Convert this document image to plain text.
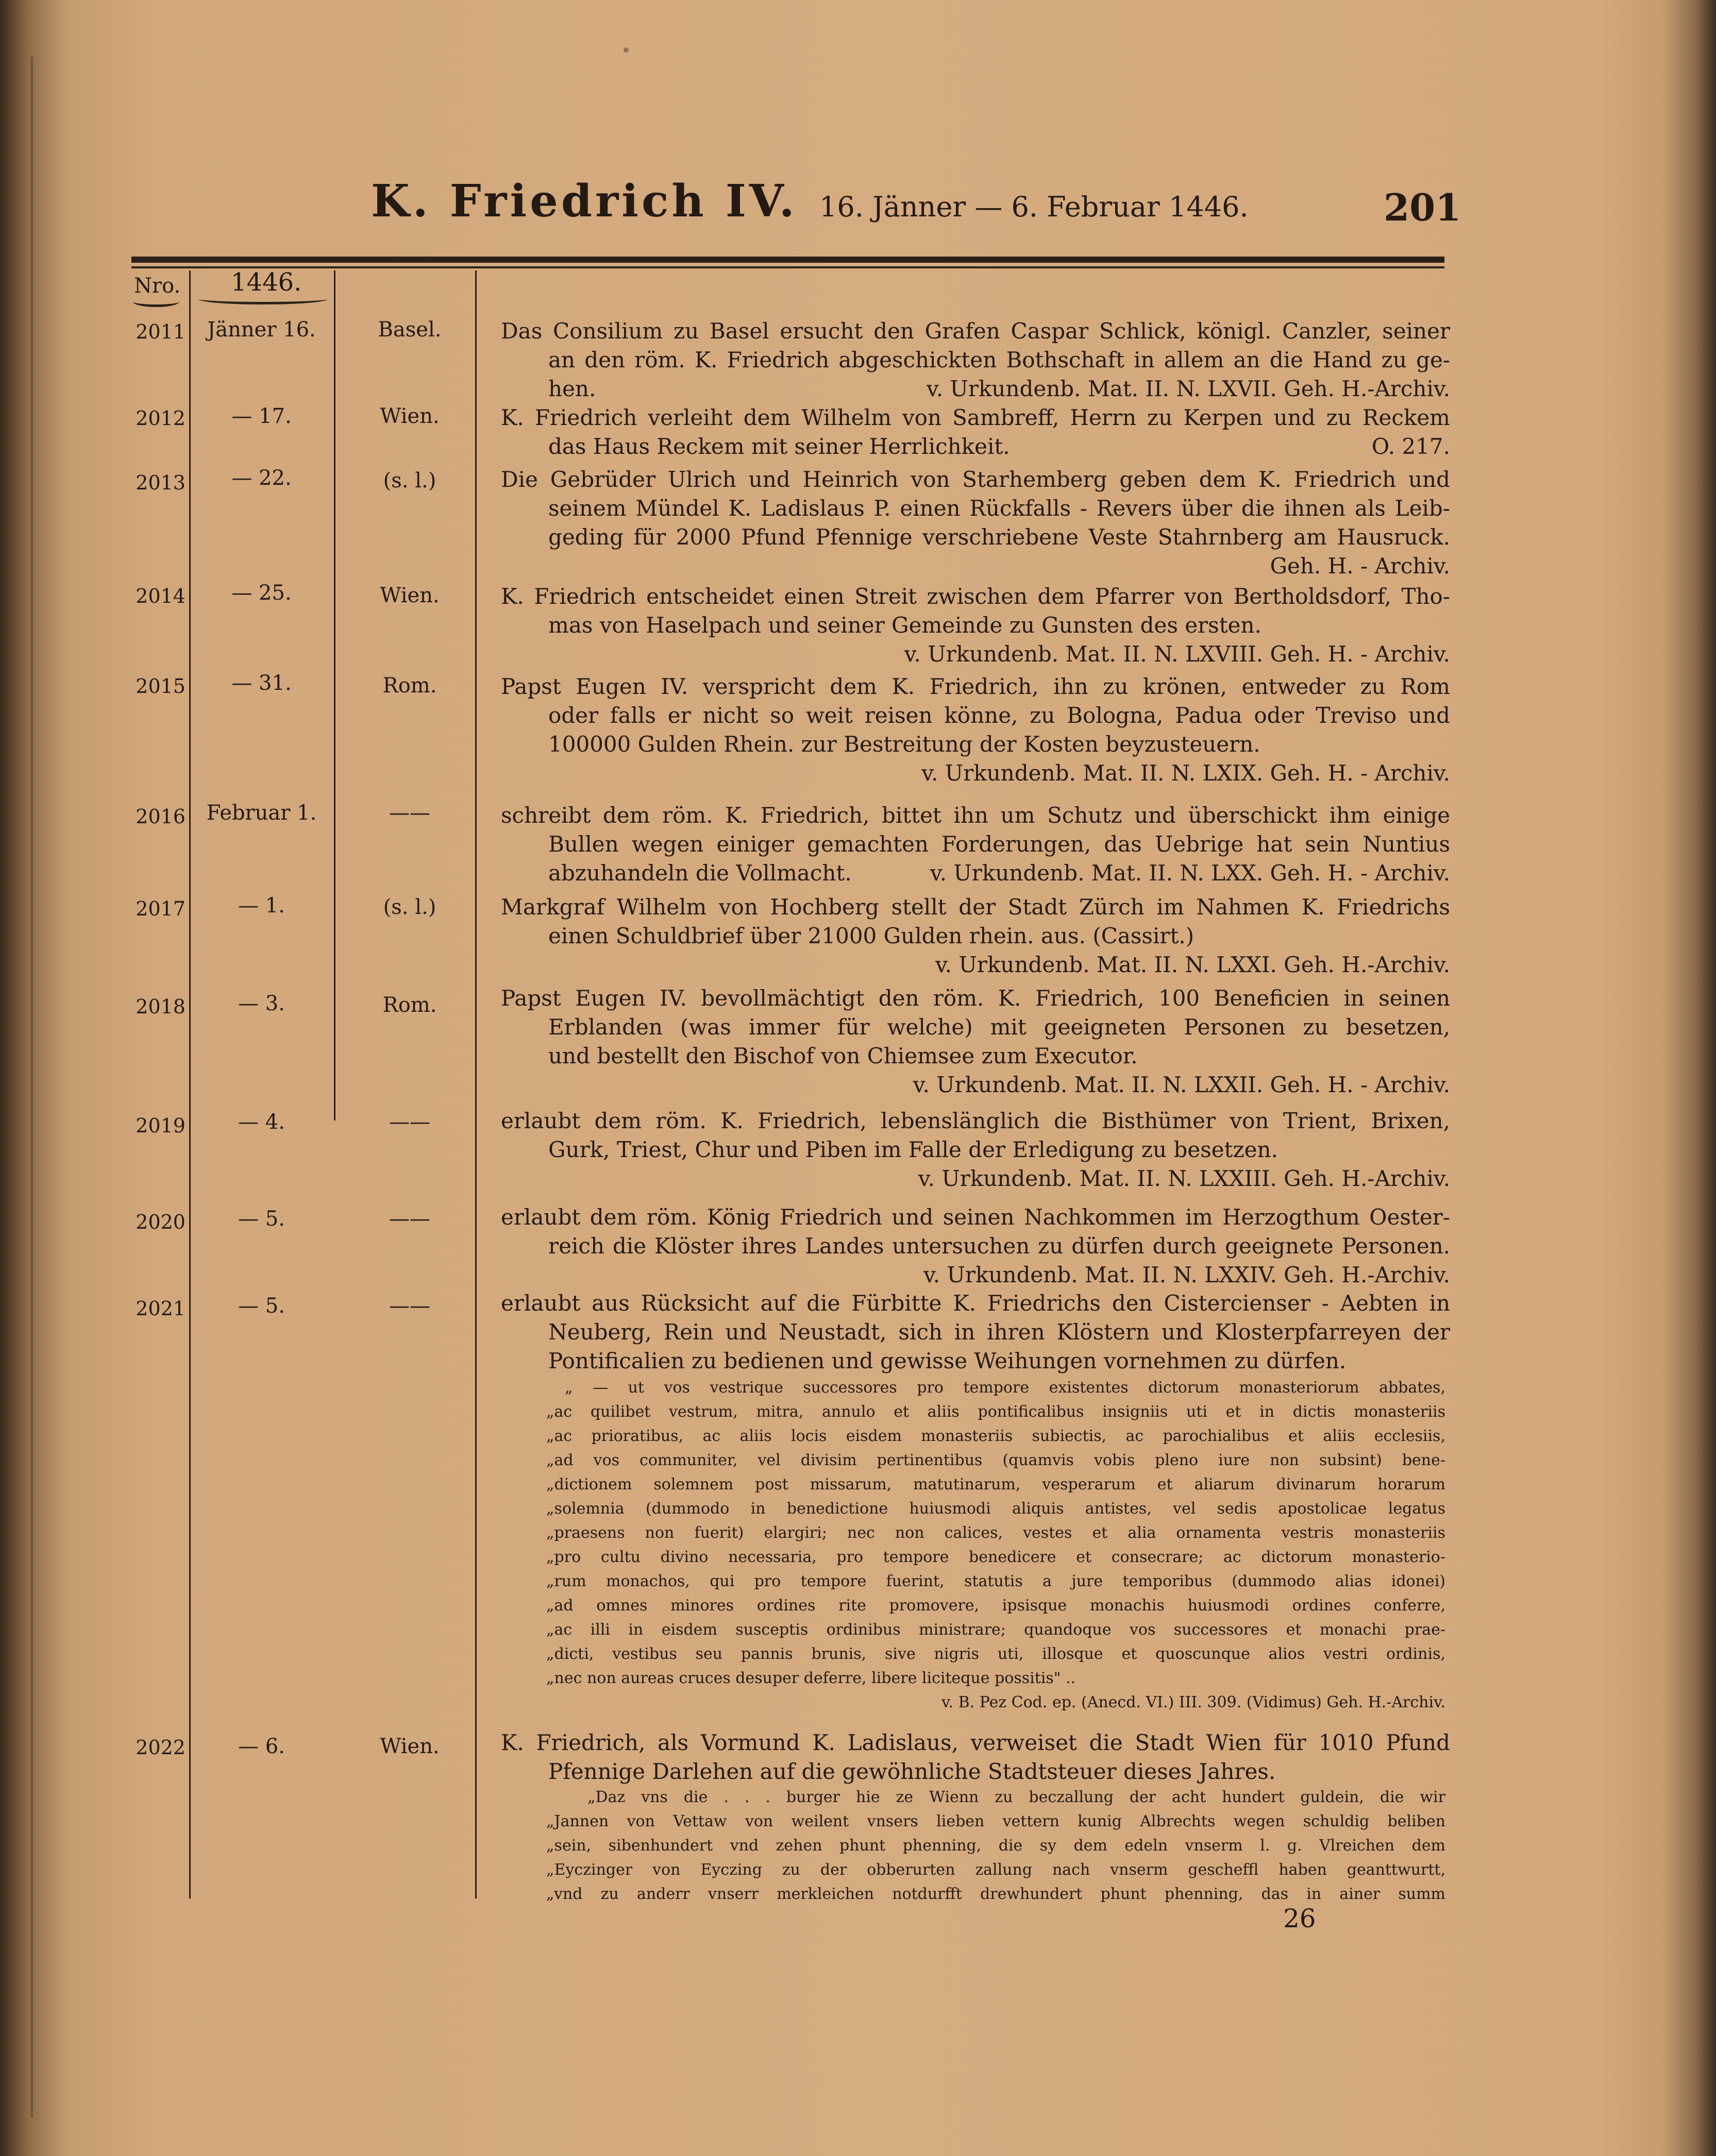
K. Friedrich IV. 16. Jänner — 6. Februar 1446.	201
Nro. 1446.
2011	Jänner 16.	Basel.	Das Consilium zu Basel ersucht den Grafen Caspar Schlick, königl. Canzler, seiner
an den röm. K. Friedrich abgeschickten Bothschaft in allem an die Hand zu ge-
hen.	v. Urkundenb. Mat. II. N. LXVII. Geh. H.-Archiv.
2012	— 17.	Wien.	K. Friedrich verleiht dem Wilhelm von Sambreff, Herrn zu Kerpen und zu Reckem
das Haus Reckem mit seiner Herrlichkeit.	O. 217.
2013	— 22.	(s. l.)	Die Gebrüder Ulrich und Heinrich von Starhemberg geben dem K. Friedrich und
seinem Mündel K. Ladislaus P. einen Rückfalls - Revers über die ihnen als Leib-
geding für 2000 Pfund Pfennige verschriebene Veste Stahrnberg am Hausruck.
Geh. H. - Archiv.
2014	— 25.	Wien.	K. Friedrich entscheidet einen Streit zwischen dem Pfarrer von Bertholdsdorf, Tho-
mas von Haselpach und seiner Gemeinde zu Gunsten des ersten.
v. Urkundenb. Mat. II. N. LXVIII. Geh. H. - Archiv.
2015	— 31.	Rom.	Papst Eugen IV. verspricht dem K. Friedrich, ihn zu krönen, entweder zu Rom
oder falls er nicht so weit reisen könne, zu Bologna, Padua oder Treviso und
100000 Gulden Rhein. zur Bestreitung der Kosten beyzusteuern.
v. Urkundenb. Mat. II. N. LXIX. Geh. H. - Archiv.
2016	Februar 1.	——	schreibt dem röm. K. Friedrich, bittet ihn um Schutz und überschickt ihm einige
Bullen wegen einiger gemachten Forderungen, das Uebrige hat sein Nuntius
abzuhandeln die Vollmacht.	v. Urkundenb. Mat. II. N. LXX. Geh. H. - Archiv.
2017	— 1.	(s. l.)	Markgraf Wilhelm von Hochberg stellt der Stadt Zürch im Nahmen K. Friedrichs
einen Schuldbrief über 21000 Gulden rhein. aus. (Cassirt.)
v. Urkundenb. Mat. II. N. LXXI. Geh. H.-Archiv.
2018	— 3.	Rom.	Papst Eugen IV. bevollmächtigt den röm. K. Friedrich, 100 Beneficien in seinen
Erblanden (was immer für welche) mit geeigneten Personen zu besetzen,
und bestellt den Bischof von Chiemsee zum Executor.
v. Urkundenb. Mat. II. N. LXXII. Geh. H. - Archiv.
2019	— 4.	——	erlaubt dem röm. K. Friedrich, lebenslänglich die Bisthümer von Trient, Brixen,
Gurk, Triest, Chur und Piben im Falle der Erledigung zu besetzen.
v. Urkundenb. Mat. II. N. LXXIII. Geh. H.-Archiv.
2020	— 5.	——	erlaubt dem röm. König Friedrich und seinen Nachkommen im Herzogthum Oester-
reich die Klöster ihres Landes untersuchen zu dürfen durch geeignete Personen.
v. Urkundenb. Mat. II. N. LXXIV. Geh. H.-Archiv.
2021	— 5.	——	erlaubt aus Rücksicht auf die Fürbitte K. Friedrichs den Cistercienser - Aebten in
Neuberg, Rein und Neustadt, sich in ihren Klöstern und Klosterpfarreyen der
Pontificalien zu bedienen und gewisse Weihungen vornehmen zu dürfen.
„ — ut vos vestrique successores pro tempore existentes dictorum monasteriorum abbates,
„ac quilibet vestrum, mitra, annulo et aliis pontificalibus insigniis uti et in dictis monasteriis
„ac prioratibus, ac aliis locis eisdem monasteriis subiectis, ac parochialibus et aliis ecclesiis,
„ad vos communiter, vel divisim pertinentibus (quamvis vobis pleno iure non subsint) bene-
„dictionem solemnem post missarum, matutinarum, vesperarum et aliarum divinarum horarum
„solemnia (dummodo in benedictione huiusmodi aliquis antistes, vel sedis apostolicae legatus
„praesens non fuerit) elargiri; nec non calices, vestes et alia ornamenta vestris monasteriis
„pro cultu divino necessaria, pro tempore benedicere et consecrare; ac dictorum monasterio-
„rum monachos, qui pro tempore fuerint, statutis a jure temporibus (dummodo alias idonei)
„ad omnes minores ordines rite promovere, ipsisque monachis huiusmodi ordines conferre,
„ac illi in eisdem susceptis ordinibus ministrare; quandoque vos successores et monachi prae-
„dicti, vestibus seu pannis brunis, sive nigris uti, illosque et quoscunque alios vestri ordinis,
„nec non aureas cruces desuper deferre, libere liciteque possitis" ..
v. B. Pez Cod. ep. (Anecd. VI.) III. 309. (Vidimus) Geh. H.-Archiv.
2022	— 6.	Wien.	K. Friedrich, als Vormund K. Ladislaus, verweiset die Stadt Wien für 1010 Pfund
Pfennige Darlehen auf die gewöhnliche Stadtsteuer dieses Jahres.
„Daz vns die . . . burger hie ze Wienn zu beczallung der acht hundert guldein, die wir
„Jannen von Vettaw von weilent vnsers lieben vettern kunig Albrechts wegen schuldig beliben
„sein, sibenhundert vnd zehen phunt phenning, die sy dem edeln vnserm l. g. Vlreichen dem
„Eyczinger von Eyczing zu der obberurten zallung nach vnserm gescheffl haben geanttwurtt,
„vnd zu anderr vnserr merkleichen notdurfft drewhundert phunt phenning, das in ainer summ
26
